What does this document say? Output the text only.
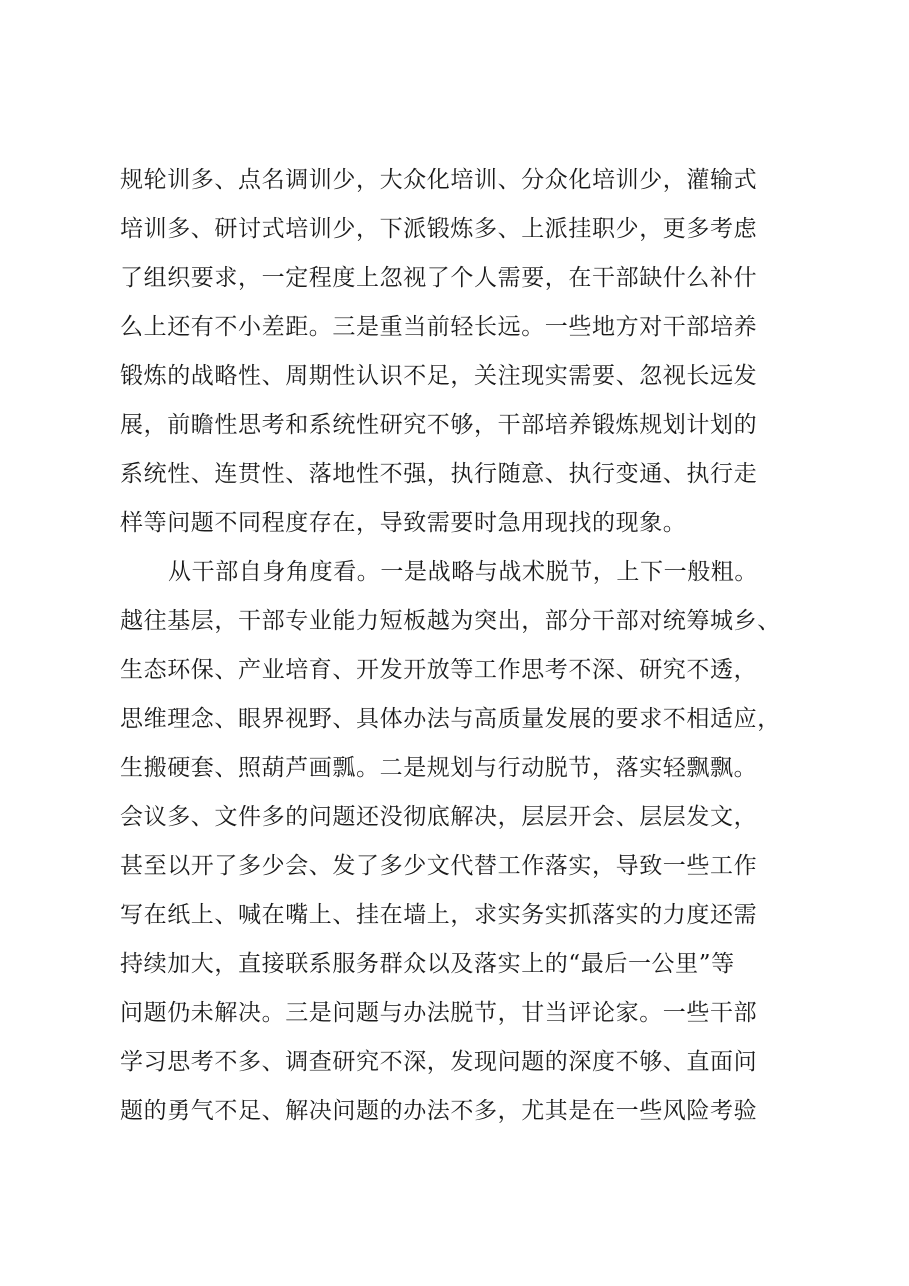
规轮训多、点名调训少，大众化培训、分众化培训少，灌输式
培训多、研讨式培训少，下派锻炼多、上派挂职少，更多考虑
了组织要求，一定程度上忽视了个人需要，在干部缺什么补什
么上还有不小差距。三是重当前轻长远。一些地方对干部培养
锻炼的战略性、周期性认识不足，关注现实需要、忽视长远发
展，前瞻性思考和系统性研究不够，干部培养锻炼规划计划的
系统性、连贯性、落地性不强，执行随意、执行变通、执行走
样等问题不同程度存在，导致需要时急用现找的现象。
从干部自身角度看。一是战略与战术脱节，上下一般粗。
越往基层，干部专业能力短板越为突出，部分干部对统筹城乡、
生态环保、产业培育、开发开放等工作思考不深、研究不透，
思维理念、眼界视野、具体办法与高质量发展的要求不相适应，
生搬硬套、照葫芦画瓢。二是规划与行动脱节，落实轻飘飘。
会议多、文件多的问题还没彻底解决，层层开会、层层发文，
甚至以开了多少会、发了多少文代替工作落实，导致一些工作
写在纸上、喊在嘴上、挂在墙上，求实务实抓落实的力度还需
持续加大，直接联系服务群众以及落实上的“最后一公里”等
问题仍未解决。三是问题与办法脱节，甘当评论家。一些干部
学习思考不多、调查研究不深，发现问题的深度不够、直面问
题的勇气不足、解决问题的办法不多，尤其是在一些风险考验
